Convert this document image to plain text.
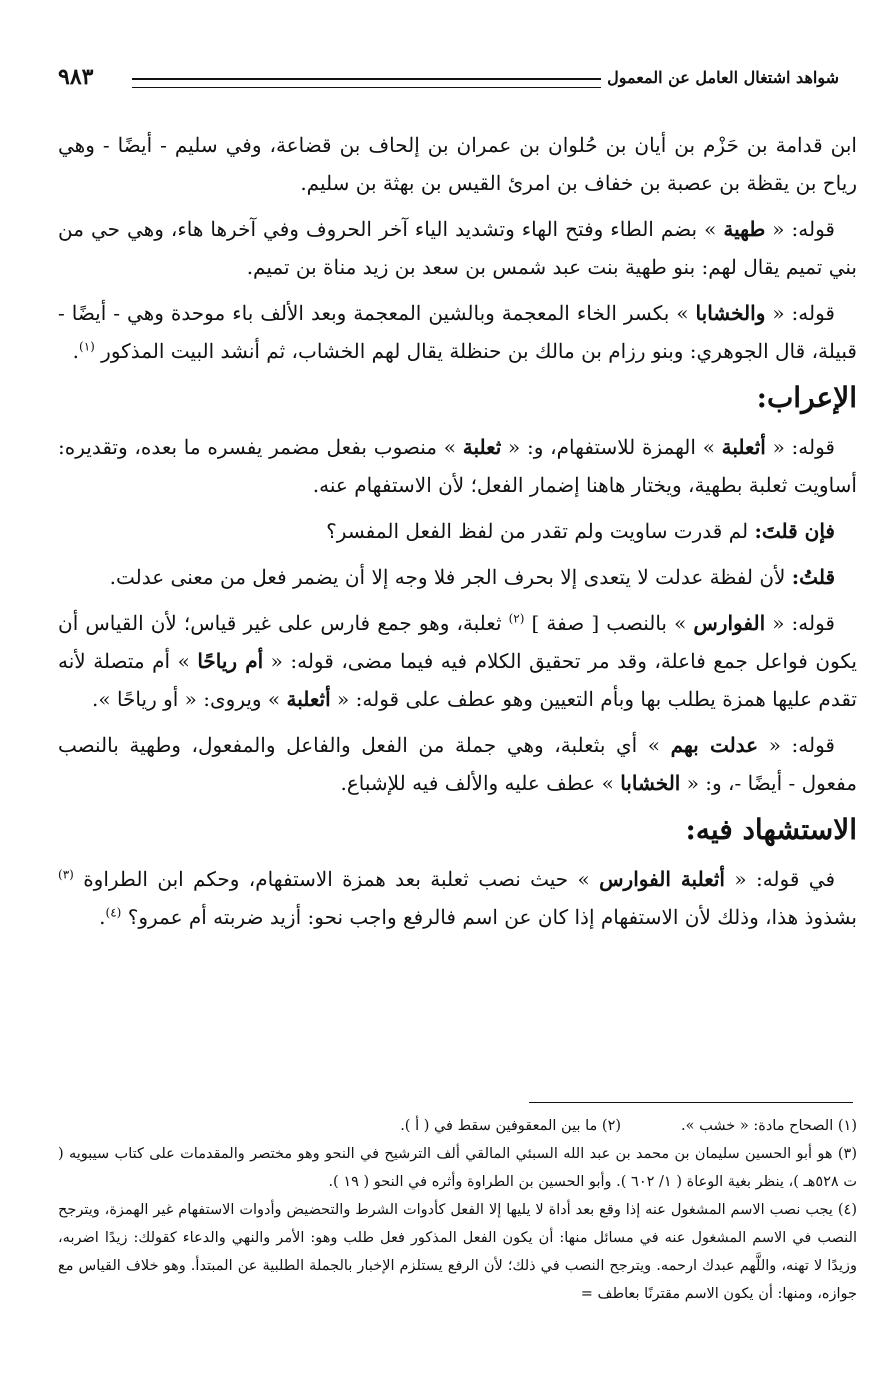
شواهد اشتغال العامل عن المعمول
٩٨٣

ابن قدامة بن حَزْم بن أيان بن حُلوان بن عمران بن إلحاف بن قضاعة، وفي سليم - أيضًا - وهي رياح بن يقظة بن عصبة بن خفاف بن امرئ القيس بن بهثة بن سليم.

قوله: « طهية » بضم الطاء وفتح الهاء وتشديد الياء آخر الحروف وفي آخرها هاء، وهي حي من بني تميم يقال لهم: بنو طهية بنت عبد شمس بن سعد بن زيد مناة بن تميم.

قوله: « والخشابا » بكسر الخاء المعجمة وبالشين المعجمة وبعد الألف باء موحدة وهي - أيضًا - قبيلة، قال الجوهري: وبنو رزام بن مالك بن حنظلة يقال لهم الخشاب، ثم أنشد البيت المذكور $^{(١)}$.

الإعراب:

قوله: « أثعلبة » الهمزة للاستفهام، و: « ثعلبة » منصوب بفعل مضمر يفسره ما بعده، وتقديره: أساويت ثعلبة بطهية، ويختار هاهنا إضمار الفعل؛ لأن الاستفهام عنه.

فإن قلتَ: لم قدرت ساويت ولم تقدر من لفظ الفعل المفسر؟

قلتُ: لأن لفظة عدلت لا يتعدى إلا بحرف الجر فلا وجه إلا أن يضمر فعل من معنى عدلت.

قوله: « الفوارس » بالنصب [ صفة ] $^{(٢)}$ ثعلبة، وهو جمع فارس على غير قياس؛ لأن القياس أن يكون فواعل جمع فاعلة، وقد مر تحقيق الكلام فيه فيما مضى، قوله: « أم رياحًا » أم متصلة لأنه تقدم عليها همزة يطلب بها وبأم التعيين وهو عطف على قوله: « أثعلبة » ويروى: « أو رياحًا ».

قوله: « عدلت بهم » أي بثعلبة، وهي جملة من الفعل والفاعل والمفعول، وطهية بالنصب مفعول - أيضًا -، و: « الخشابا » عطف عليه والألف فيه للإشباع.

الاستشهاد فيه:

في قوله: « أثعلبة الفوارس » حيث نصب ثعلبة بعد همزة الاستفهام، وحكم ابن الطراوة $^{(٣)}$ بشذوذ هذا، وذلك لأن الاستفهام إذا كان عن اسم فالرفع واجب نحو: أزيد ضربته أم عمرو؟ $^{(٤)}$.

(١) الصحاح مادة: « خشب ».
(٢) ما بين المعقوفين سقط في ( أ ).

(٣) هو أبو الحسين سليمان بن محمد بن عبد الله السبئي المالقي ألف الترشيح في النحو وهو مختصر والمقدمات على كتاب سيبويه ( ت ٥٢٨هـ )، ينظر بغية الوعاة ( ١/ ٦٠٢ ). وأبو الحسين بن الطراوة وأثره في النحو ( ١٩ ).

(٤) يجب نصب الاسم المشغول عنه إذا وقع بعد أداة لا يليها إلا الفعل كأدوات الشرط والتحضيض وأدوات الاستفهام غير الهمزة، ويترجح النصب في الاسم المشغول عنه في مسائل منها: أن يكون الفعل المذكور فعل طلب وهو: الأمر والنهي والدعاء كقولك: زيدًا اضربه، وزيدًا لا تهنه، واللَّهم عبدك ارحمه. ويترجح النصب في ذلك؛ لأن الرفع يستلزم الإخبار بالجملة الطلبية عن المبتدأ. وهو خلاف القياس مع جوازه، ومنها: أن يكون الاسم مقترنًا بعاطف =
